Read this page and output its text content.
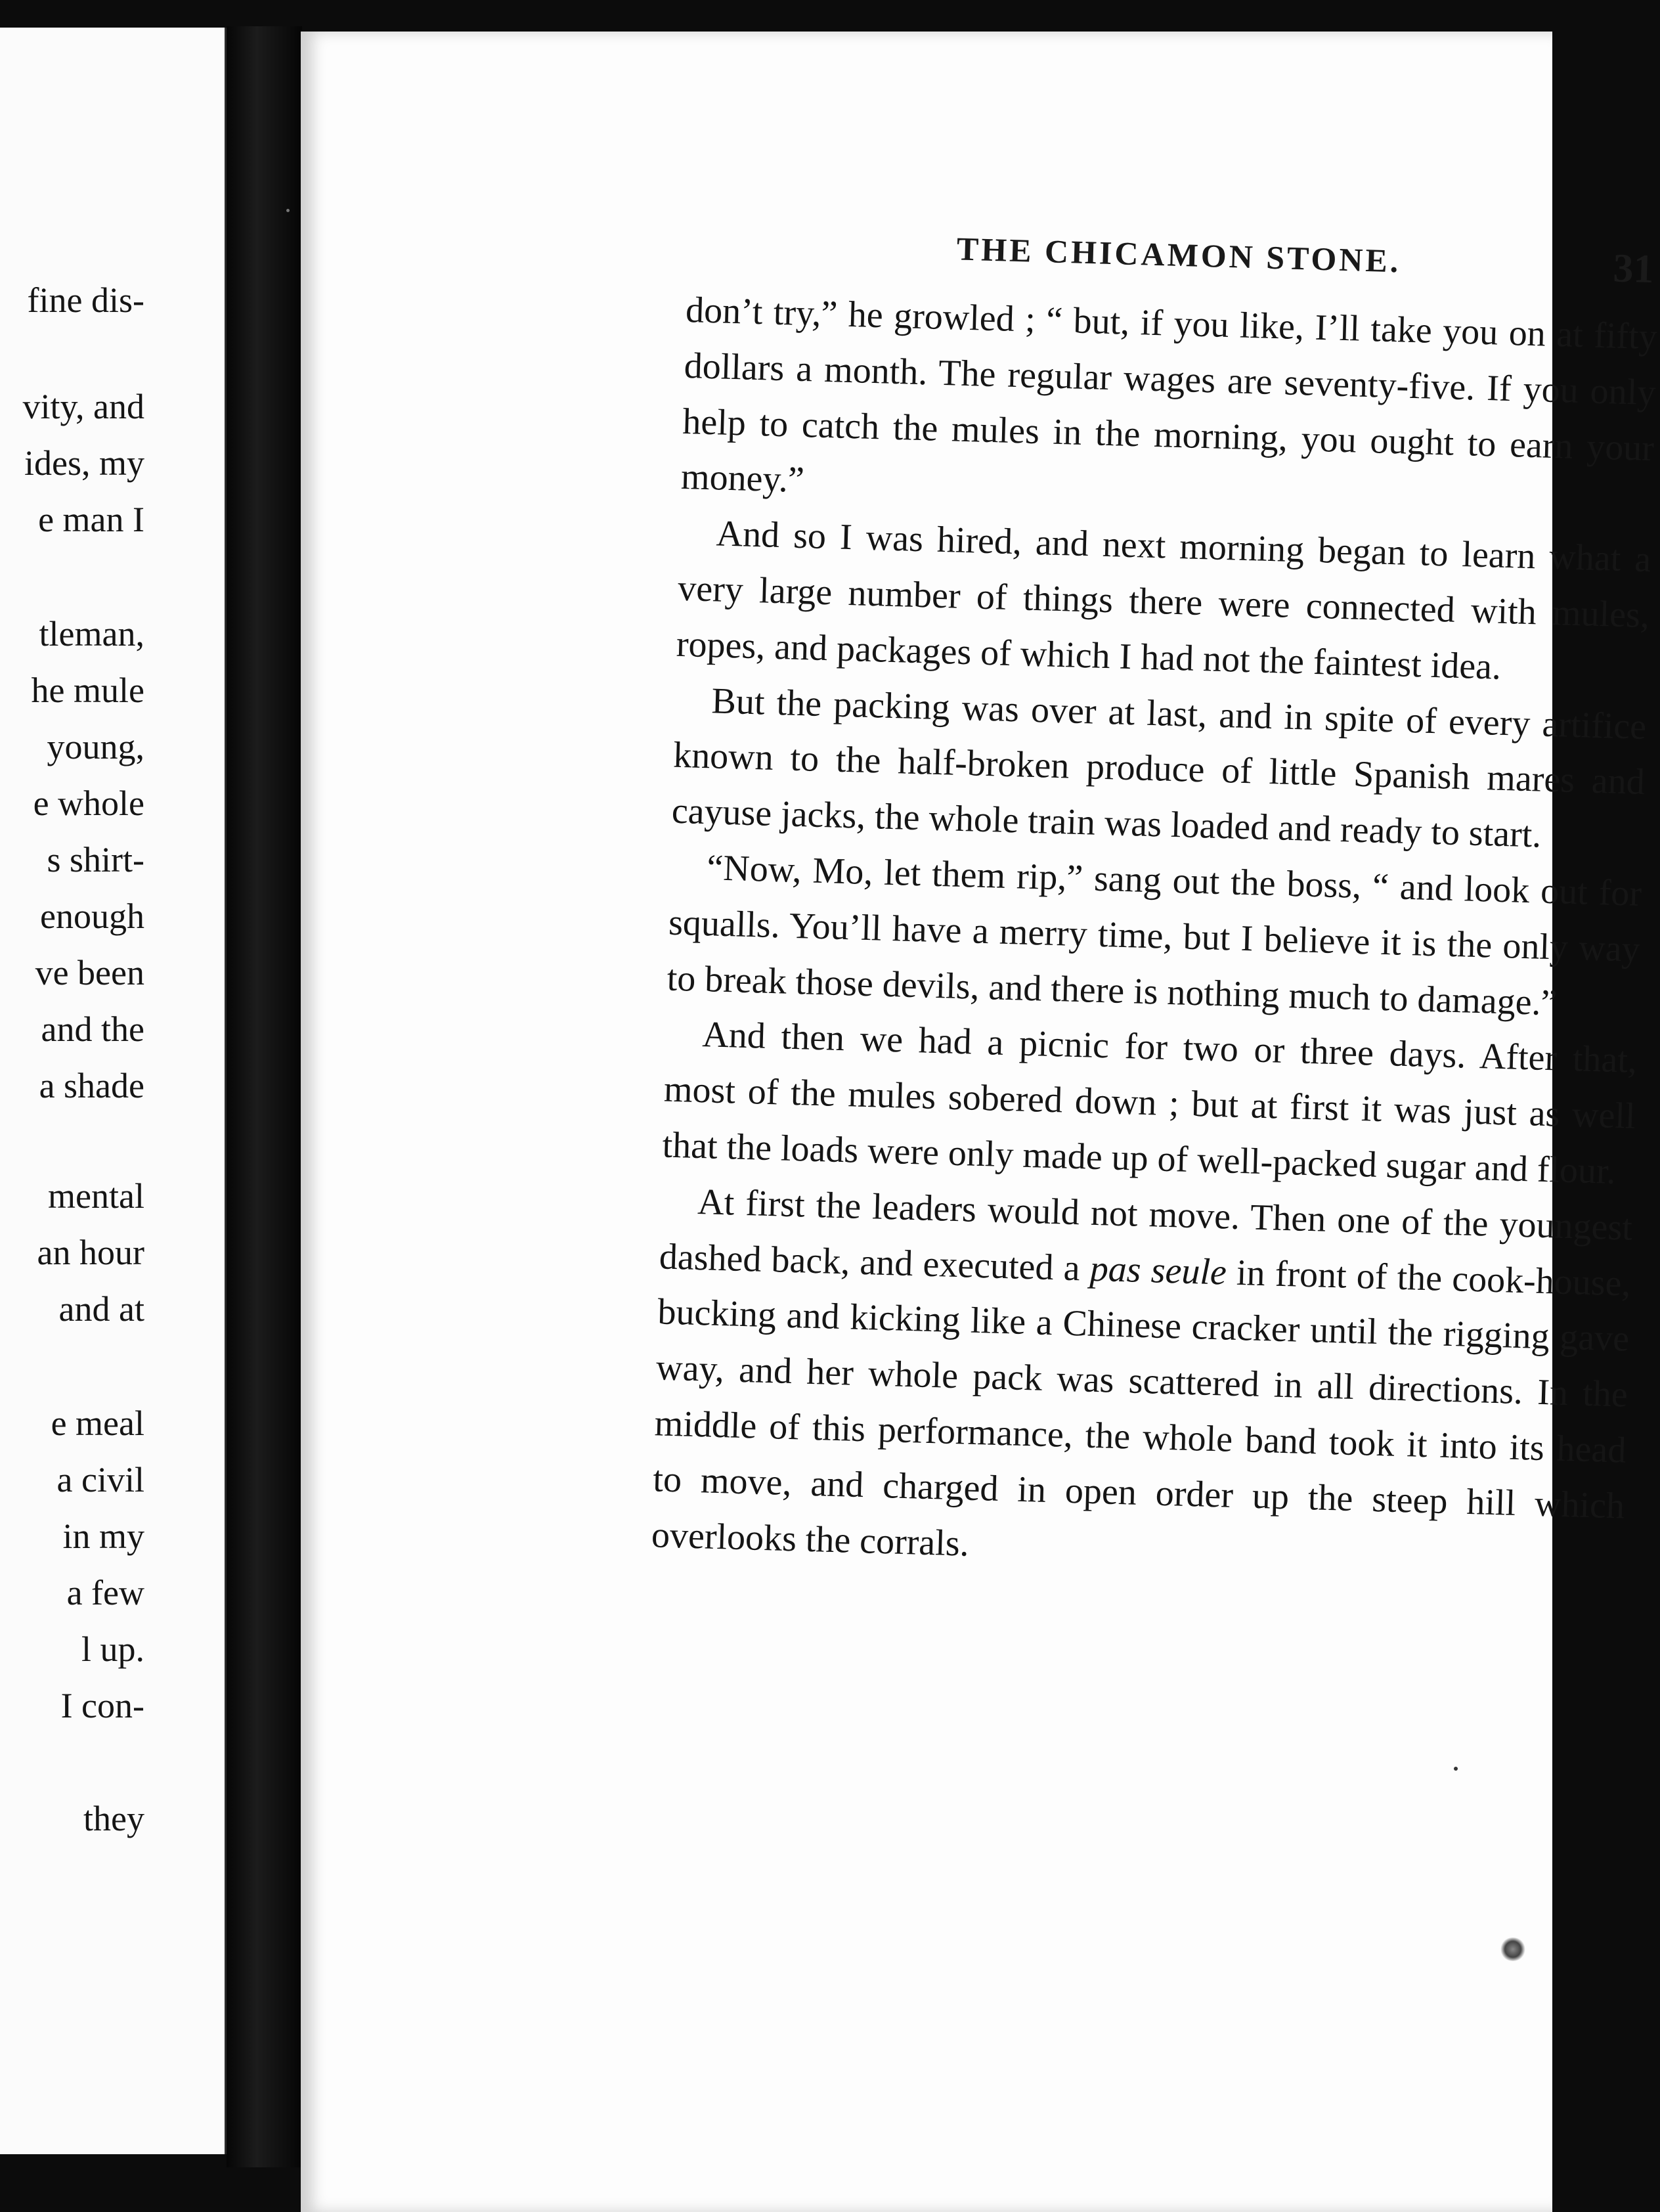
fine dis-
vity, and
ides, my
e man I
tleman,
he mule
young,
e whole
s shirt-
enough
ve been
and the
a shade
mental
an hour
and at
e meal
a civil
in my
a few
l up.
I con-
they
THE CHICAMON STONE.	31

don’t try,” he growled ; “ but, if you like, I’ll take you on at fifty dollars a month. The regular wages are seventy-five. If you only help to catch the mules in the morning, you ought to earn your money.”

And so I was hired, and next morning began to learn what a very large number of things there were connected with mules, ropes, and packages of which I had not the faintest idea.

But the packing was over at last, and in spite of every artifice known to the half-broken produce of little Spanish mares and cayuse jacks, the whole train was loaded and ready to start.

“Now, Mo, let them rip,” sang out the boss, “ and look out for squalls. You’ll have a merry time, but I believe it is the only way to break those devils, and there is nothing much to damage.”

And then we had a picnic for two or three days. After that, most of the mules sobered down ; but at first it was just as well that the loads were only made up of well-packed sugar and flour.

At first the leaders would not move. Then one of the youngest dashed back, and executed a pas seule in front of the cook-house, bucking and kicking like a Chinese cracker until the rigging gave way, and her whole pack was scattered in all directions. In the middle of this performance, the whole band took it into its head to move, and charged in open order up the steep hill which overlooks the corrals.
